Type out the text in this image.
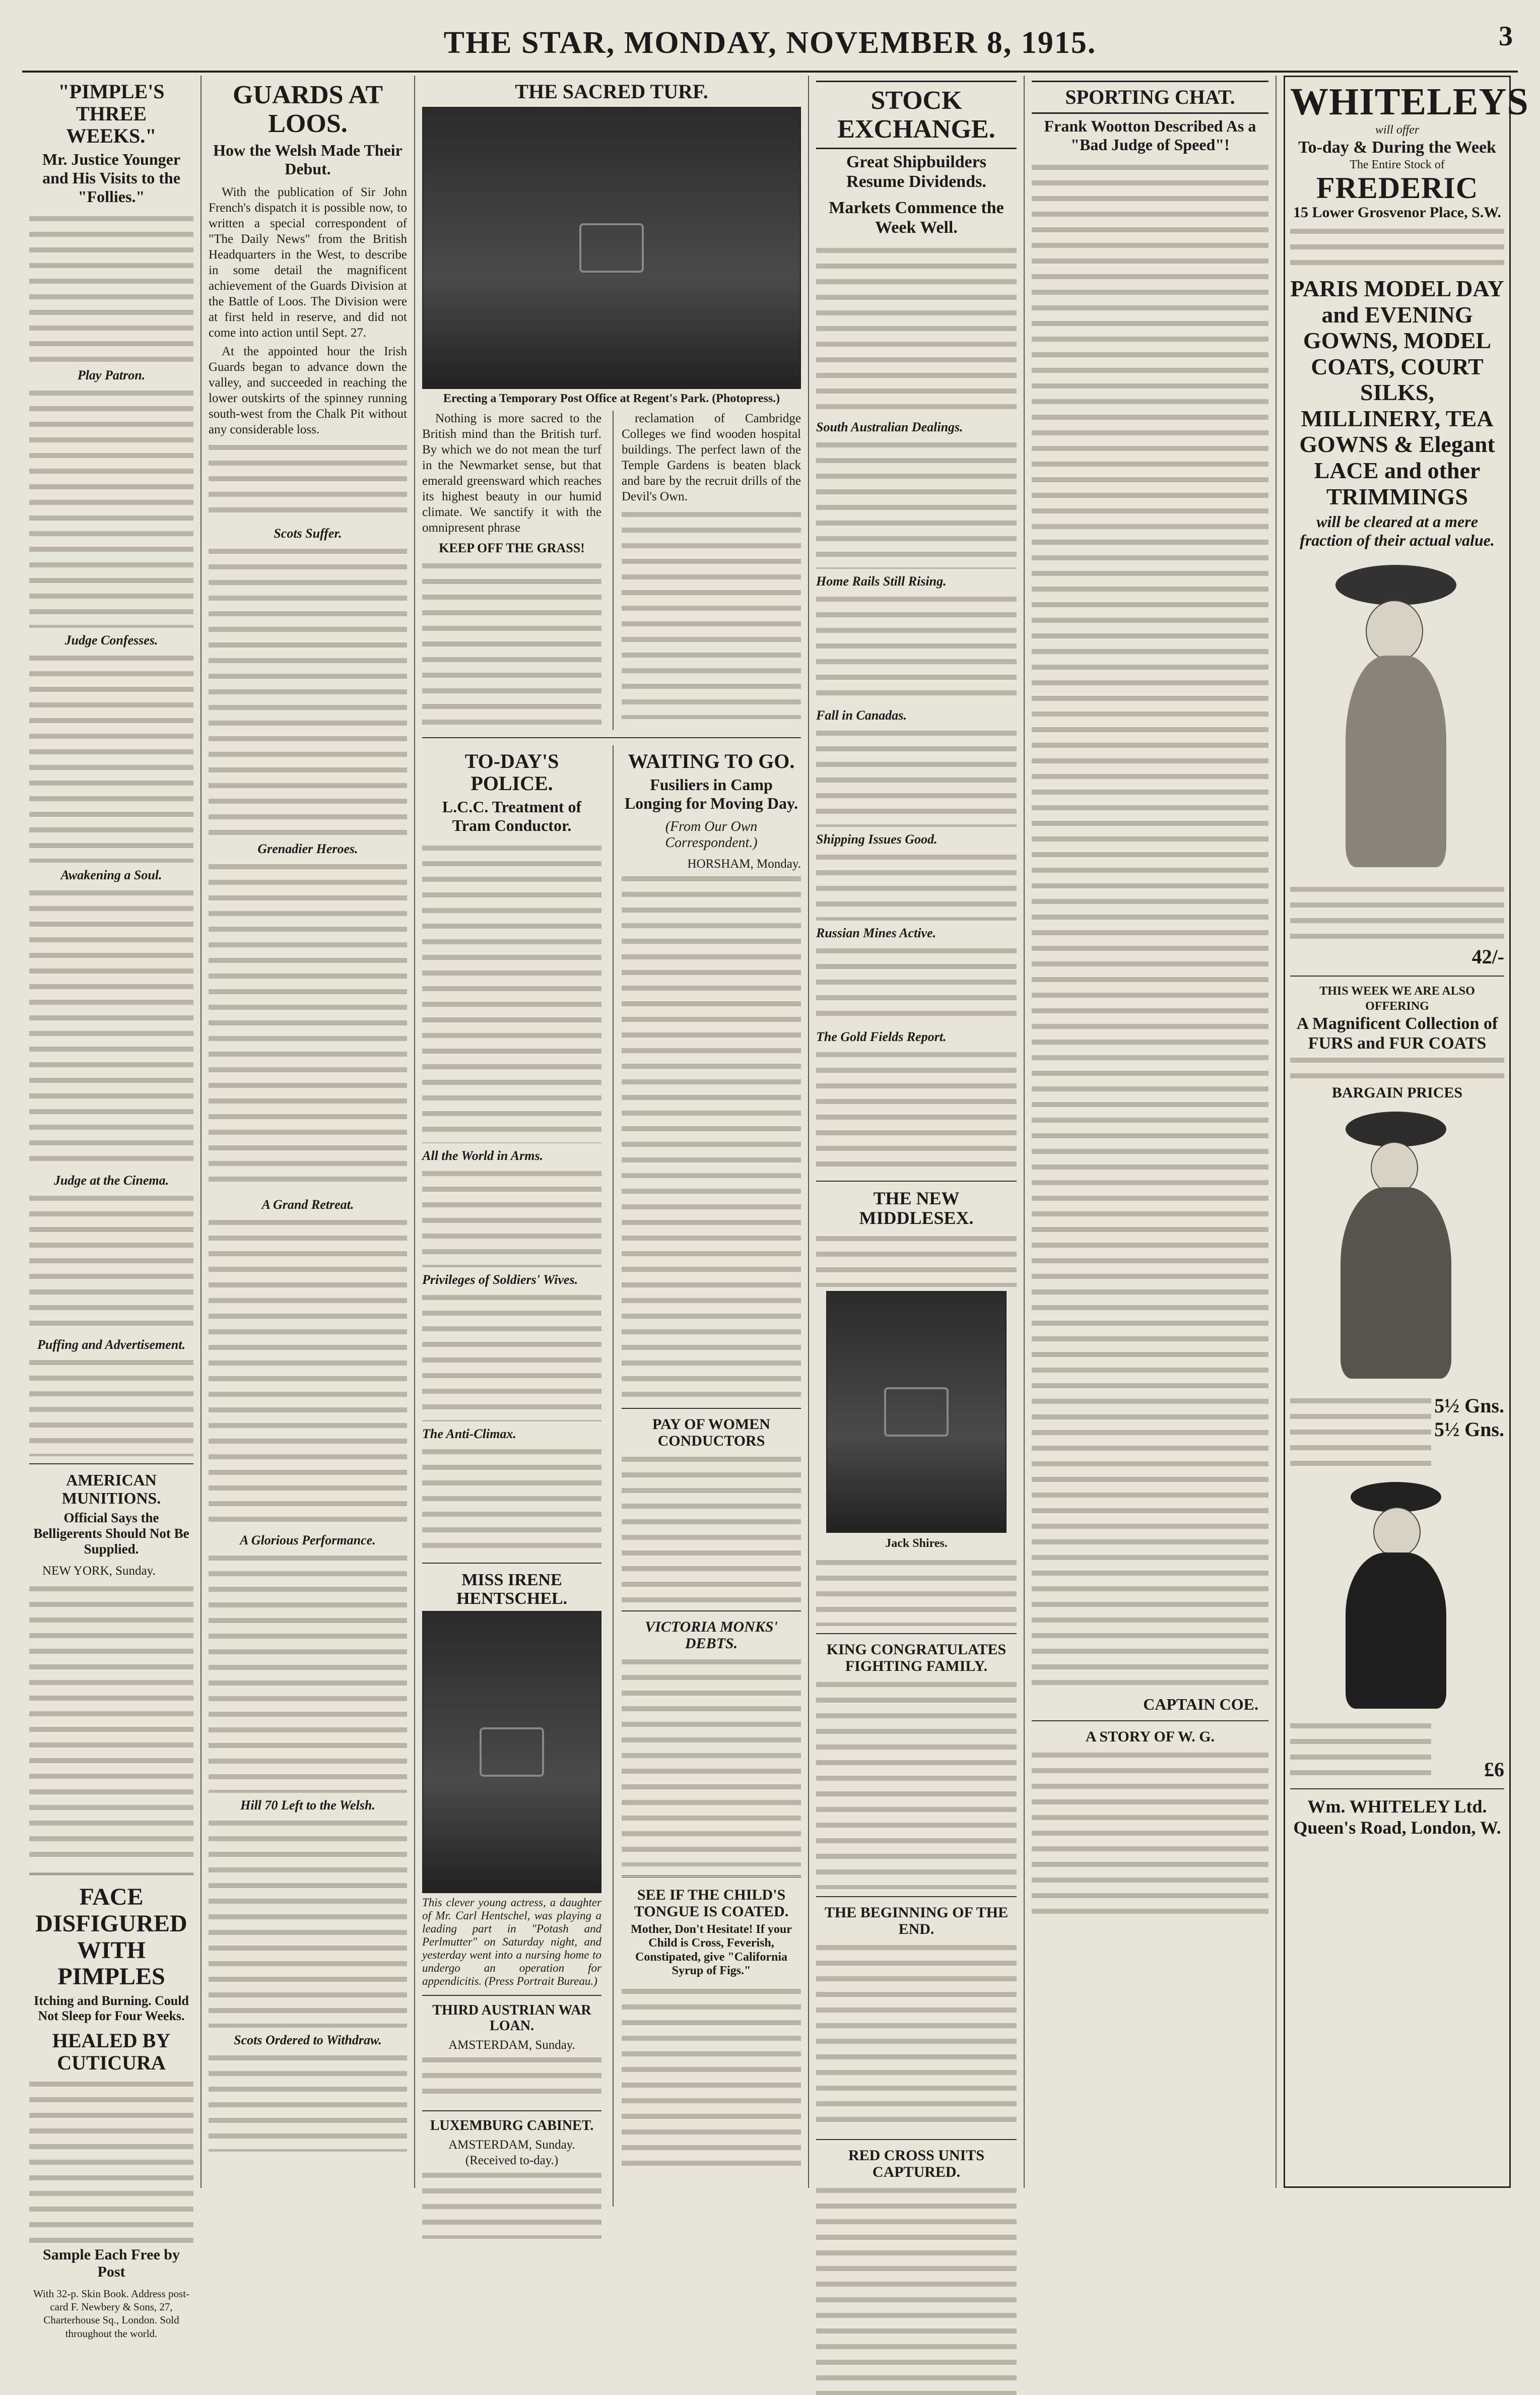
THE STAR, MONDAY, NOVEMBER 8, 1915.	3
"PIMPLE'S THREE WEEKS."
Mr. Justice Younger and His Visits to the "Follies."
Play Patron.
Judge Confesses.
Awakening a Soul.
Judge at the Cinema.
Puffing and Advertisement.
AMERICAN MUNITIONS.
Official Says the Belligerents Should Not Be Supplied.

NEW YORK, Sunday.

FACE DISFIGURED WITH PIMPLES
Itching and Burning. Could Not Sleep for Four Weeks.
HEALED BY CUTICURA
Sample Each Free by Post
With 32-p. Skin Book. Address post-card F. Newbery & Sons, 27, Charterhouse Sq., London. Sold throughout the world.
GUARDS AT LOOS.
How the Welsh Made Their Debut.

With the publication of Sir John French's dispatch it is possible now, to written a special correspondent of "The Daily News" from the British Headquarters in the West, to describe in some detail the magnificent achievement of the Guards Division at the Battle of Loos. The Division were at first held in reserve, and did not come into action until Sept. 27.

At the appointed hour the Irish Guards began to advance down the valley, and succeeded in reaching the lower outskirts of the spinney running south-west from the Chalk Pit without any considerable loss.

Scots Suffer.
Grenadier Heroes.
A Grand Retreat.
A Glorious Performance.
Hill 70 Left to the Welsh.
Scots Ordered to Withdraw.
THE SACRED TURF.
Erecting a Temporary Post Office at Regent's Park. (Photopress.)

Nothing is more sacred to the British mind than the British turf. By which we do not mean the turf in the Newmarket sense, but that emerald greensward which reaches its highest beauty in our humid climate. We sanctify it with the omnipresent phrase

KEEP OFF THE GRASS!

reclamation of Cambridge Colleges we find wooden hospital buildings. The perfect lawn of the Temple Gardens is beaten black and bare by the recruit drills of the Devil's Own.

TO-DAY'S POLICE.
L.C.C. Treatment of Tram Conductor.
All the World in Arms.
Privileges of Soldiers' Wives.
The Anti-Climax.
MISS IRENE HENTSCHEL.
This clever young actress, a daughter of Mr. Carl Hentschel, was playing a leading part in "Potash and Perlmutter" on Saturday night, and yesterday went into a nursing home to undergo an operation for appendicitis. (Press Portrait Bureau.)
THIRD AUSTRIAN WAR LOAN.
AMSTERDAM, Sunday.
LUXEMBURG CABINET.
AMSTERDAM, Sunday. (Received to-day.)
WAITING TO GO.
Fusiliers in Camp Longing for Moving Day.
(From Our Own Correspondent.)
HORSHAM, Monday.
PAY OF WOMEN CONDUCTORS
VICTORIA MONKS' DEBTS.
SEE IF THE CHILD'S TONGUE IS COATED.
Mother, Don't Hesitate! If your Child is Cross, Feverish, Constipated, give "California Syrup of Figs."
STOCK EXCHANGE.
Great Shipbuilders Resume Dividends.
Markets Commence the Week Well.
South Australian Dealings.
Home Rails Still Rising.
Fall in Canadas.
Shipping Issues Good.
Russian Mines Active.
The Gold Fields Report.
THE NEW MIDDLESEX.
Jack Shires.
KING CONGRATULATES FIGHTING FAMILY.
THE BEGINNING OF THE END.
RED CROSS UNITS CAPTURED.
SPORTING CHAT.
Frank Wootton Described As a "Bad Judge of Speed"!
CAPTAIN COE.
A STORY OF W. G.
WHITELEYS
will offer
To-day & During the Week
The Entire Stock of
FREDERIC
15 Lower Grosvenor Place, S.W.
PARIS MODEL DAY and EVENING GOWNS, MODEL COATS, COURT SILKS, MILLINERY, TEA GOWNS & Elegant LACE and other TRIMMINGS
will be cleared at a mere fraction of their actual value.
42/-
THIS WEEK WE ARE ALSO OFFERING
A Magnificent Collection of FURS and FUR COATS
BARGAIN PRICES
5½ Gns.
5½ Gns.
£6
Wm. WHITELEY Ltd. Queen's Road, London, W.
